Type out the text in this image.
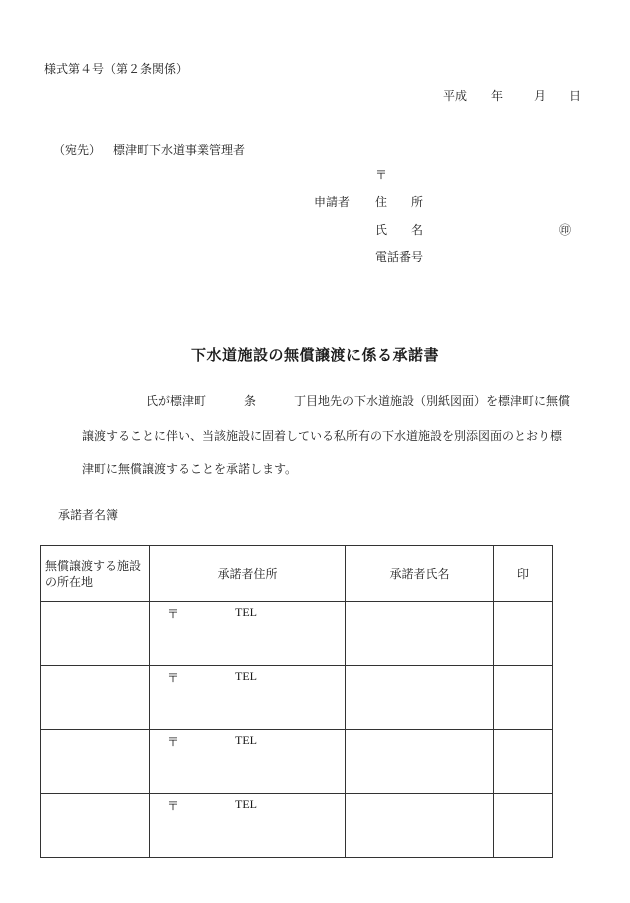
様式第４号（第２条関係）
平成 年	月 日
（宛先） 標津町下水道事業管理者
〒
申請者 住　　所
氏　　名	㊞
電話番号
下水道施設の無償譲渡に係る承諾書
氏が標津町	条	丁目地先の下水道施設（別紙図面）を標津町に無償
譲渡することに伴い、当該施設に固着している私所有の下水道施設を別添図面のとおり標
津町に無償譲渡することを承諾します。
承諾者名簿
無償譲渡する施設の所在地	承諾者住所	承諾者氏名	印

	〒 TEL		

	〒 TEL		

	〒 TEL		

	〒 TEL		
